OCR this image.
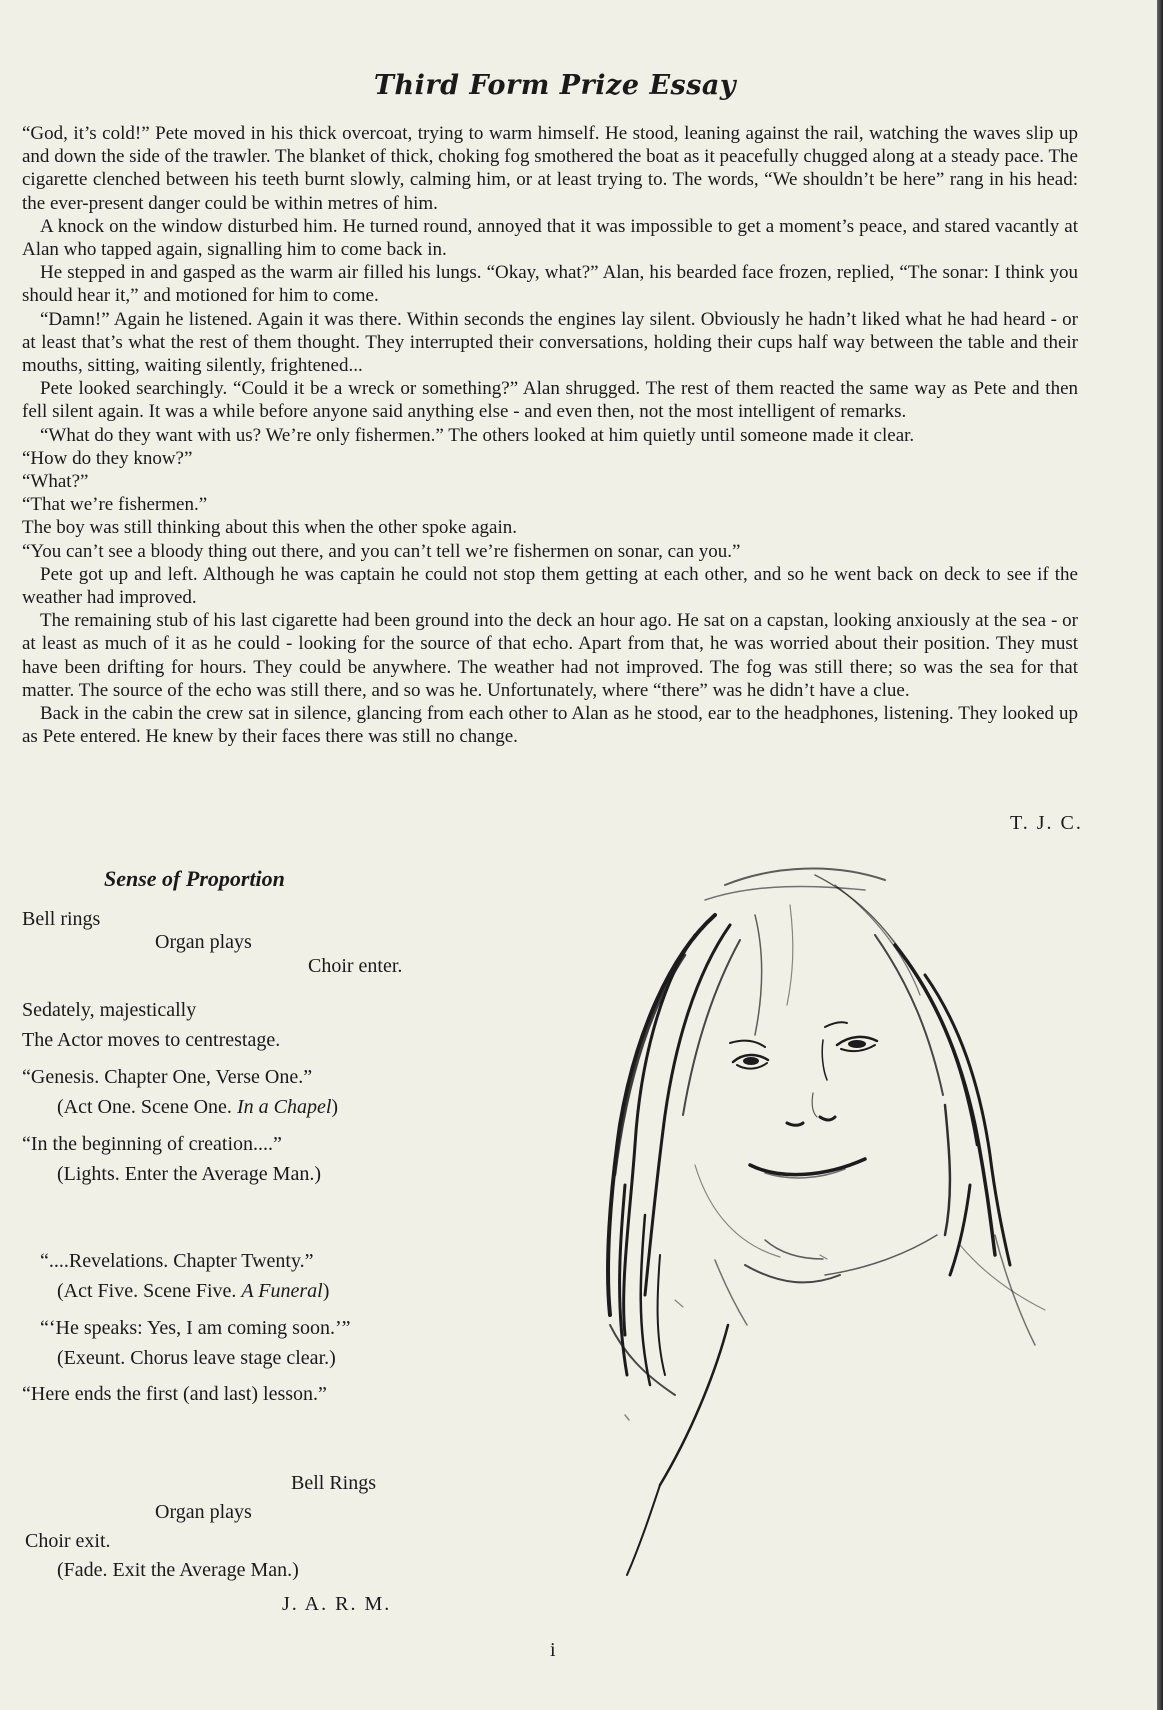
Third Form Prize Essay

“God, it’s cold!” Pete moved in his thick overcoat, trying to warm himself. He stood, leaning against the rail, watching the waves slip up and down the side of the trawler. The blanket of thick, choking fog smothered the boat as it peacefully chugged along at a steady pace. The cigarette clenched between his teeth burnt slowly, calming him, or at least trying to. The words, “We shouldn’t be here” rang in his head: the ever-present danger could be within metres of him.

A knock on the window disturbed him. He turned round, annoyed that it was impossible to get a moment’s peace, and stared vacantly at Alan who tapped again, signalling him to come back in.

He stepped in and gasped as the warm air filled his lungs. “Okay, what?” Alan, his bearded face frozen, replied, “The sonar: I think you should hear it,” and motioned for him to come.

“Damn!” Again he listened. Again it was there. Within seconds the engines lay silent. Obviously he hadn’t liked what he had heard - or at least that’s what the rest of them thought. They interrupted their conversations, holding their cups half way between the table and their mouths, sitting, waiting silently, frightened...

Pete looked searchingly. “Could it be a wreck or something?” Alan shrugged. The rest of them reacted the same way as Pete and then fell silent again. It was a while before anyone said anything else - and even then, not the most intelligent of remarks.

“What do they want with us? We’re only fishermen.” The others looked at him quietly until someone made it clear.

“How do they know?”

“What?”

“That we’re fishermen.”

The boy was still thinking about this when the other spoke again.

“You can’t see a bloody thing out there, and you can’t tell we’re fishermen on sonar, can you.”

Pete got up and left. Although he was captain he could not stop them getting at each other, and so he went back on deck to see if the weather had improved.

The remaining stub of his last cigarette had been ground into the deck an hour ago. He sat on a capstan, looking anxiously at the sea - or at least as much of it as he could - looking for the source of that echo. Apart from that, he was worried about their position. They must have been drifting for hours. They could be anywhere. The weather had not improved. The fog was still there; so was the sea for that matter. The source of the echo was still there, and so was he. Unfortunately, where “there” was he didn’t have a clue.

Back in the cabin the crew sat in silence, glancing from each other to Alan as he stood, ear to the headphones, listening. They looked up as Pete entered. He knew by their faces there was still no change.

T. J. C.
Sense of Proportion
Bell rings
Organ plays
Choir enter.
Sedately, majestically
The Actor moves to centrestage.
“Genesis. Chapter One, Verse One.”
(Act One. Scene One. In a Chapel)
“In the beginning of creation....”
(Lights. Enter the Average Man.)
“....Revelations. Chapter Twenty.”
(Act Five. Scene Five. A Funeral)
“‘He speaks: Yes, I am coming soon.’”
(Exeunt. Chorus leave stage clear.)
“Here ends the first (and last) lesson.”
Bell Rings
Organ plays
Choir exit.
(Fade. Exit the Average Man.)
J. A. R. M.
i
